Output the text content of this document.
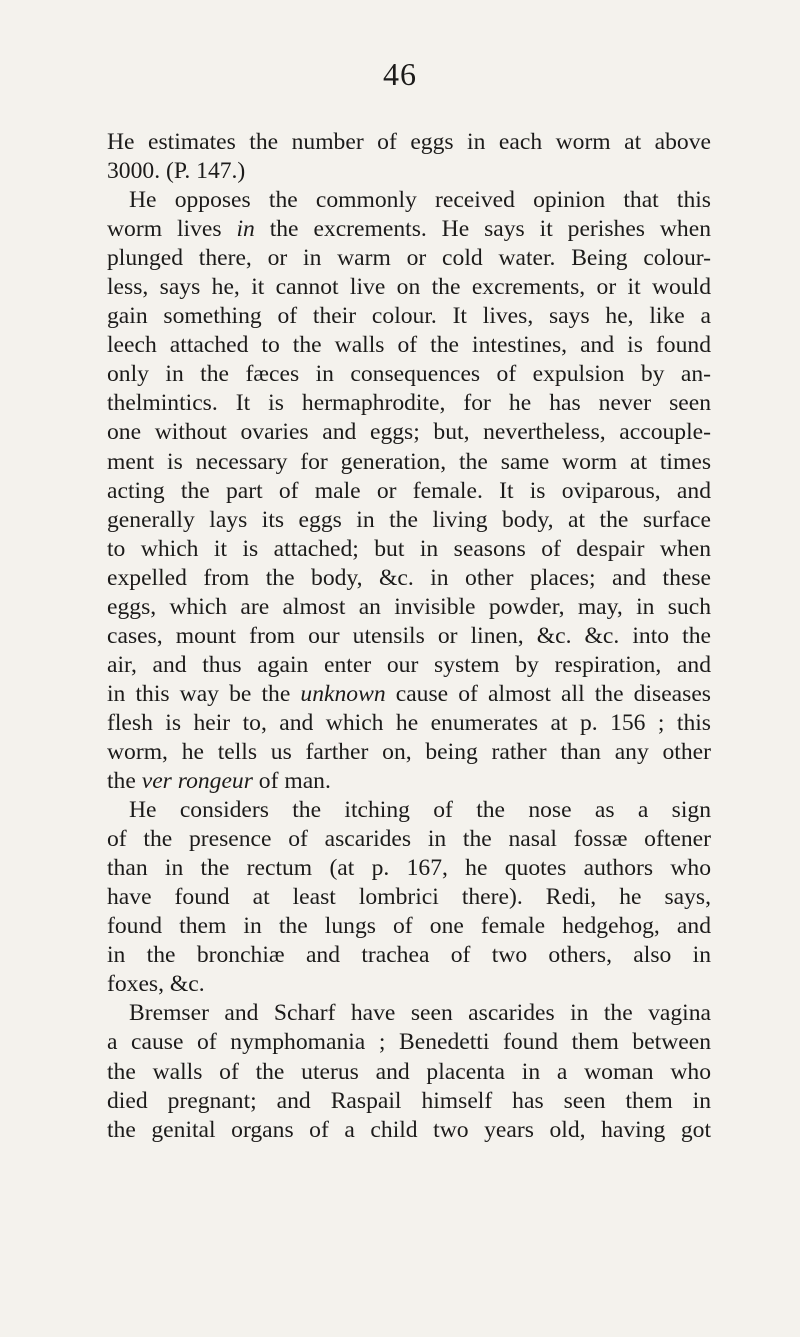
46

He estimates the number of eggs in each worm at above
3000. (P. 147.)

He opposes the commonly received opinion that this
worm lives in the excrements. He says it perishes when
plunged there, or in warm or cold water. Being colour-
less, says he, it cannot live on the excrements, or it would
gain something of their colour. It lives, says he, like a
leech attached to the walls of the intestines, and is found
only in the fæces in consequences of expulsion by an-
thelmintics. It is hermaphrodite, for he has never seen
one without ovaries and eggs; but, nevertheless, accouple-
ment is necessary for generation, the same worm at times
acting the part of male or female. It is oviparous, and
generally lays its eggs in the living body, at the surface
to which it is attached; but in seasons of despair when
expelled from the body, &c. in other places; and these
eggs, which are almost an invisible powder, may, in such
cases, mount from our utensils or linen, &c. &c. into the
air, and thus again enter our system by respiration, and
in this way be the unknown cause of almost all the diseases
flesh is heir to, and which he enumerates at p. 156 ; this
worm, he tells us farther on, being rather than any other
the ver rongeur of man.

He considers the itching of the nose as a sign
of the presence of ascarides in the nasal fossæ oftener
than in the rectum (at p. 167, he quotes authors who
have found at least lombrici there). Redi, he says,
found them in the lungs of one female hedgehog, and
in the bronchiæ and trachea of two others, also in
foxes, &c.

Bremser and Scharf have seen ascarides in the vagina
a cause of nymphomania ; Benedetti found them between
the walls of the uterus and placenta in a woman who
died pregnant; and Raspail himself has seen them in
the genital organs of a child two years old, having got
